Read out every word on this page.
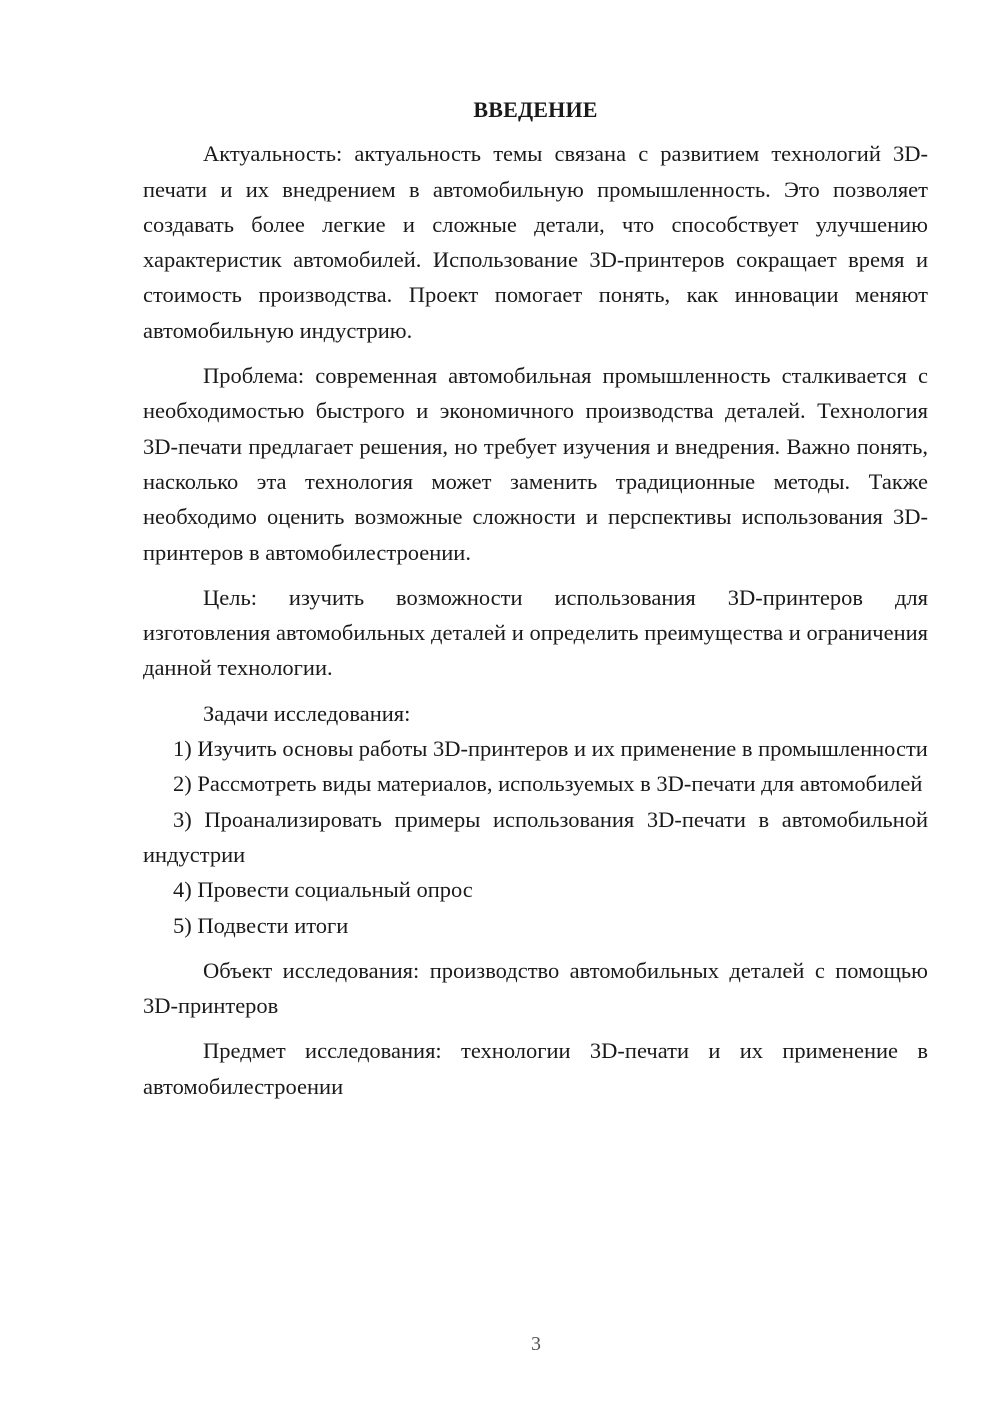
ВВЕДЕНИЕ

Актуальность: актуальность темы связана с развитием технологий 3D-печати и их внедрением в автомобильную промышленность. Это позволяет создавать более легкие и сложные детали, что способствует улучшению характеристик автомобилей. Использование 3D-принтеров сокращает время и стоимость производства. Проект помогает понять, как инновации меняют автомобильную индустрию.

Проблема: современная автомобильная промышленность сталкивается с необходимостью быстрого и экономичного производства деталей. Технология 3D-печати предлагает решения, но требует изучения и внедрения. Важно понять, насколько эта технология может заменить традиционные методы. Также необходимо оценить возможные сложности и перспективы использования 3D-принтеров в автомобилестроении.

Цель: изучить возможности использования 3D-принтеров для изготовления автомобильных деталей и определить преимущества и ограничения данной технологии.

Задачи исследования:

1) Изучить основы работы 3D-принтеров и их применение в промышленности

2) Рассмотреть виды материалов, используемых в 3D-печати для автомобилей

3) Проанализировать примеры использования 3D-печати в автомобильной индустрии

4) Провести социальный опрос

5) Подвести итоги

Объект исследования: производство автомобильных деталей с помощью 3D-принтеров

Предмет исследования: технологии 3D-печати и их применение в автомобилестроении

3
